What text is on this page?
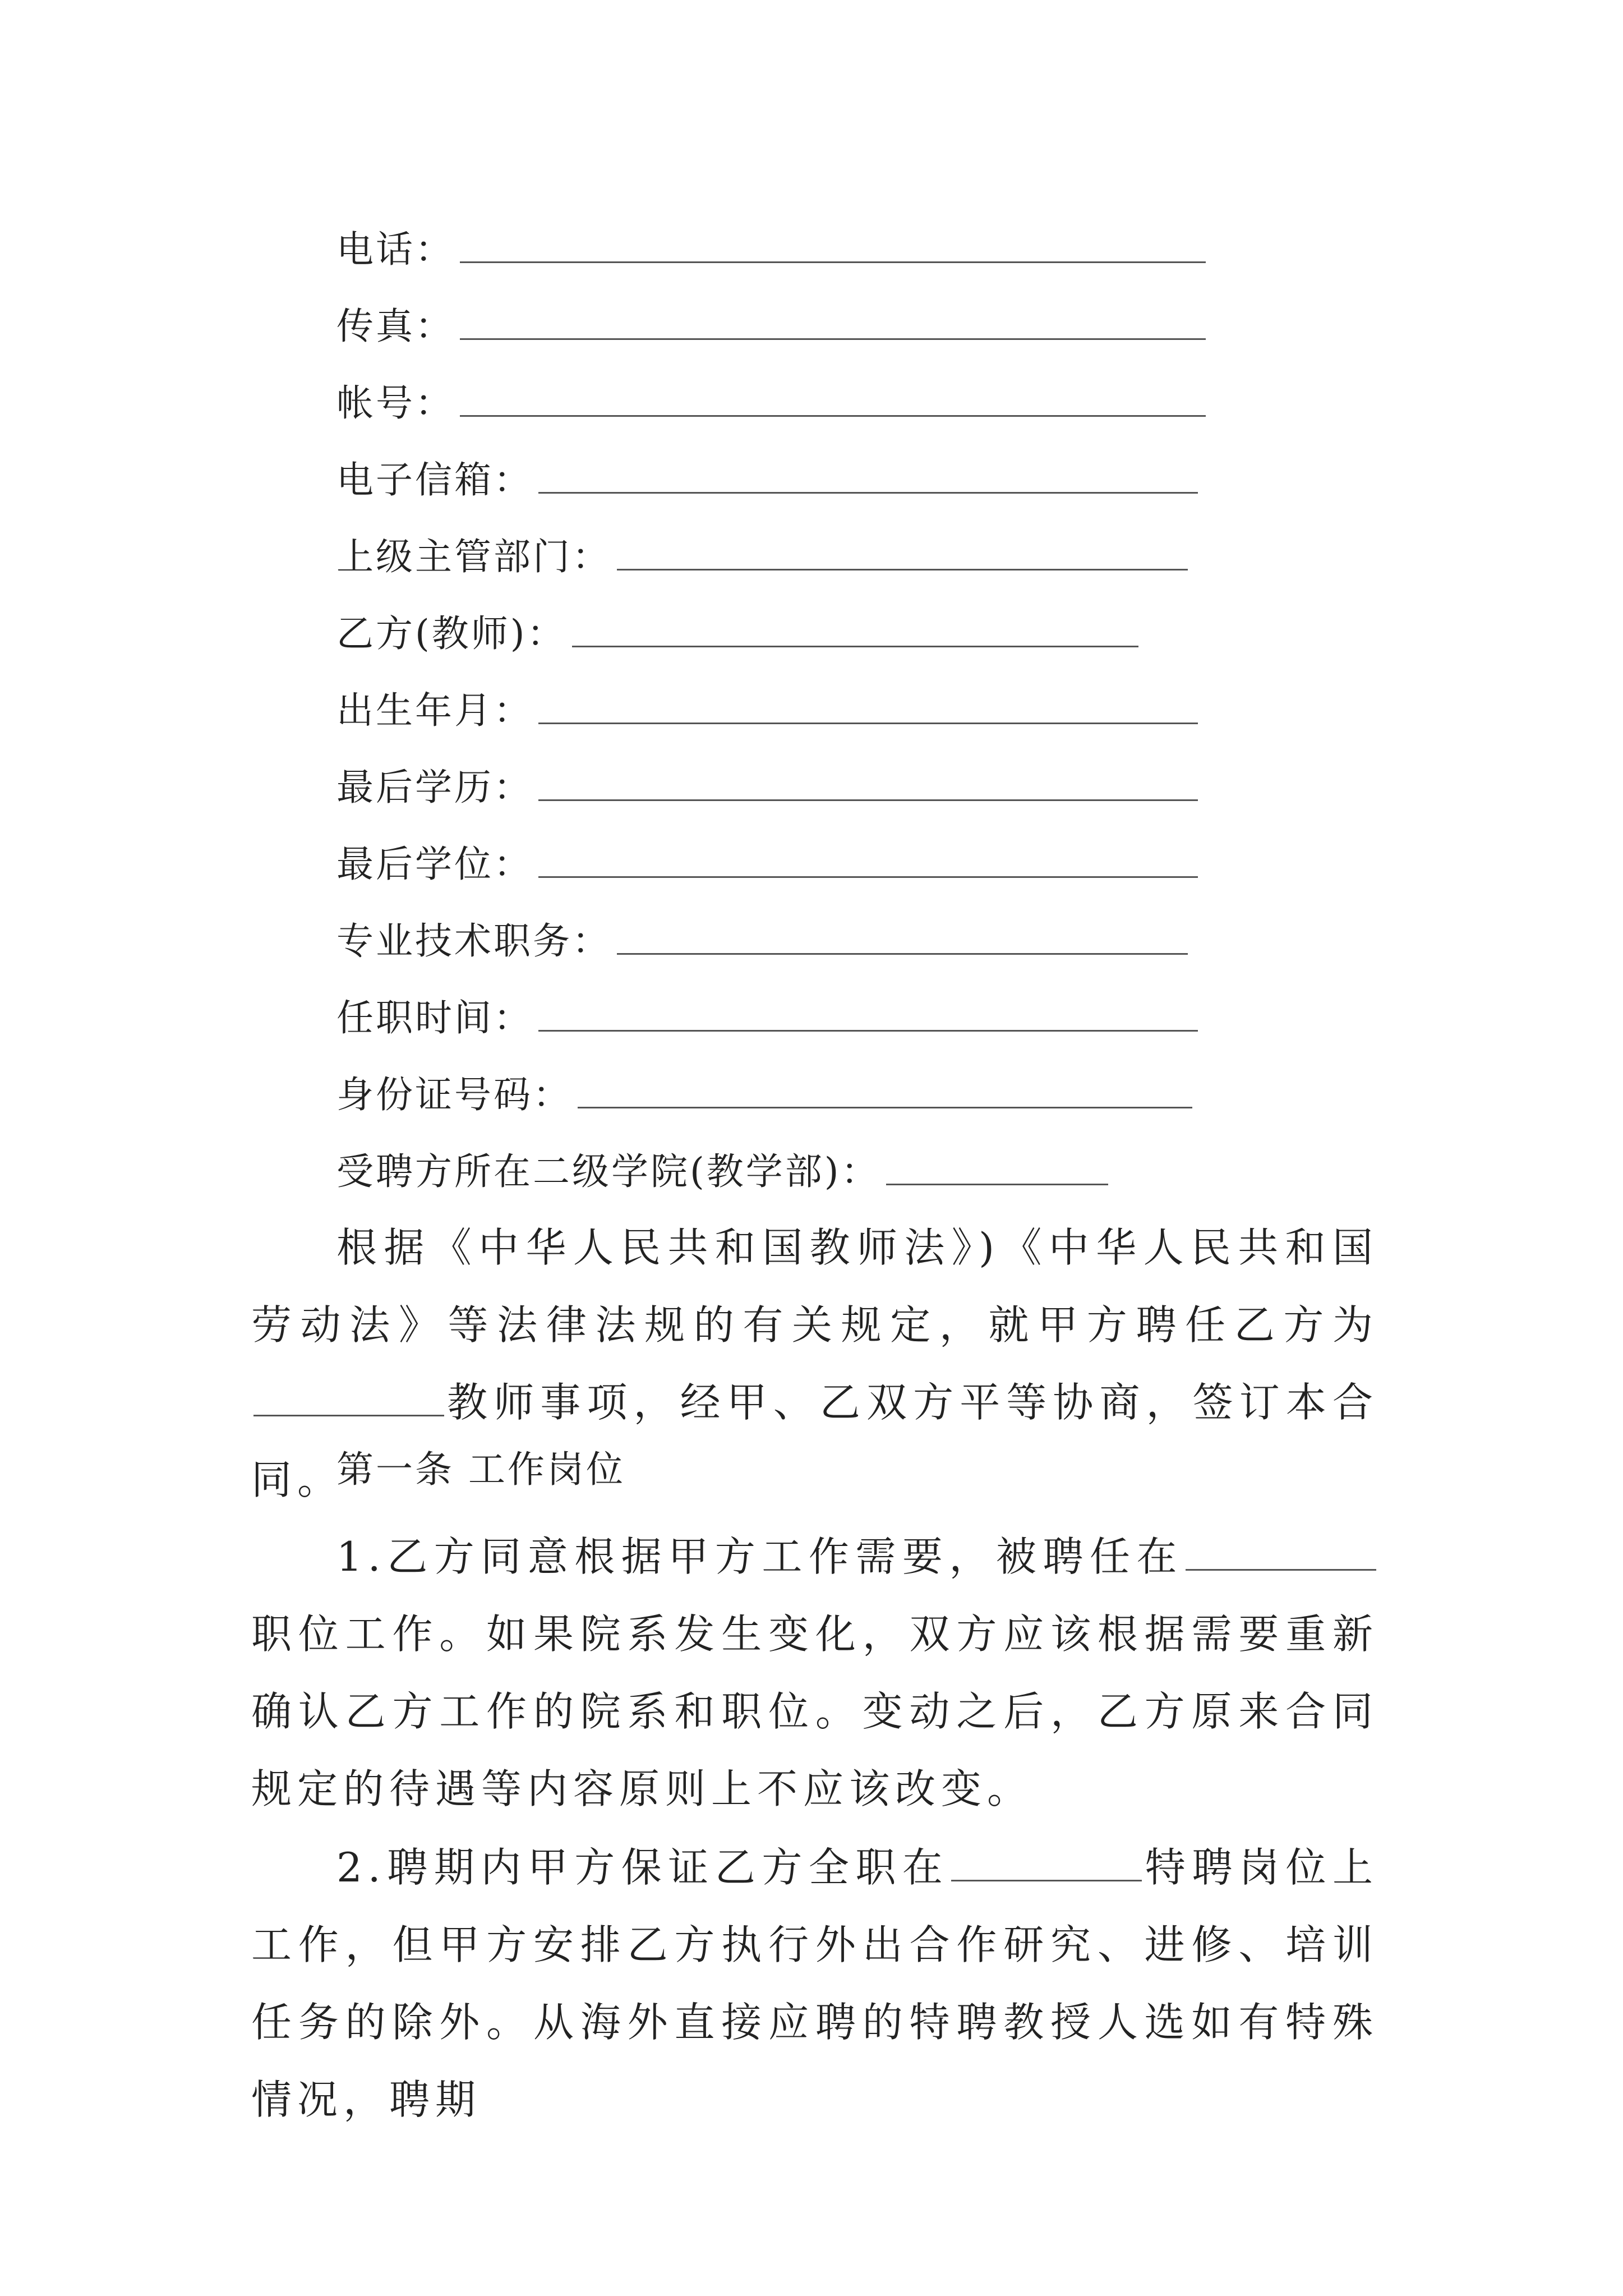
电话：
传真：
帐号：
电子信箱：
上级主管部门：
乙方(教师)：
出生年月：
最后学历：
最后学位：
专业技术职务：
任职时间：
身份证号码：
受聘方所在二级学院(教学部)：
根据《中华人民共和国教师法》)《中华人民共和国劳动法》等法律法规的有关规定，就甲方聘任乙方为教师事项，经甲、乙双方平等协商，签订本合同。
第一条 工作岗位
1.乙方同意根据甲方工作需要，被聘任在职位工作。如果院系发生变化，双方应该根据需要重新确认乙方工作的院系和职位。变动之后，乙方原来合同规定的待遇等内容原则上不应该改变。
2.聘期内甲方保证乙方全职在	特聘岗位上工作，但甲方安排乙方执行外出合作研究、进修、培训任务的除外。从海外直接应聘的特聘教授人选如有特殊情况，聘期
